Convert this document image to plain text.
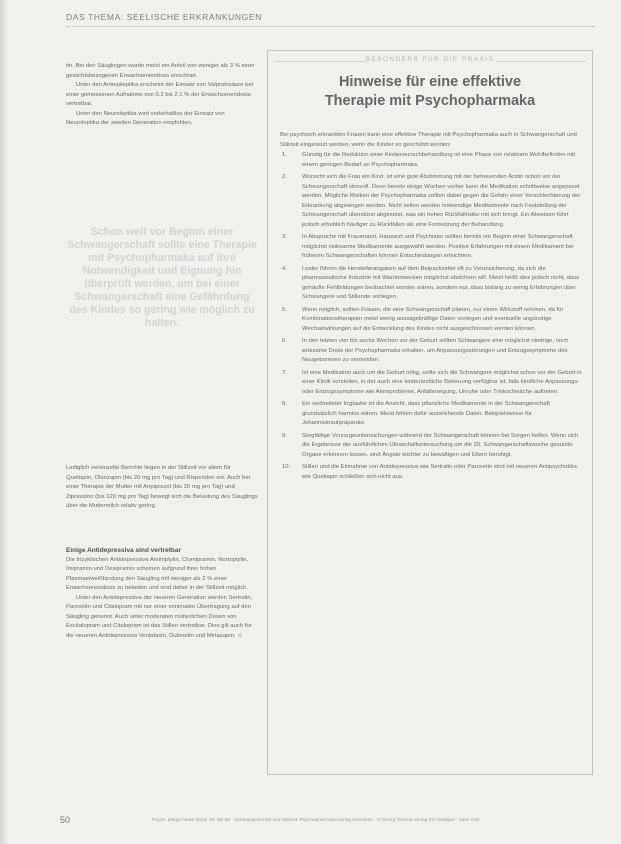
DAS THEMA: SEELISCHE ERKRANKUNGEN

tin. Bei den Säuglingen wurde meist ein Anteil von weniger als 3 % einer gewichtsbezogenen Erwachsenendosis errechnet.

Unter den Antiepileptika erscheint der Einsatz von Valproinsäure bei einer gemessenen Aufnahme von 0,2 bis 2,1 % der Erwachsenendosis vertretbar.

Unter den Neuroleptika wird vorbehaltlos der Einsatz von Neuroleptika der zweiten Generation empfohlen.

Schon weit vor Beginn einer Schwangerschaft sollte eine Therapie mit Psychopharmaka auf ihre Notwendigkeit und Eignung hin überprüft werden, um bei einer Schwangerschaft eine Gefährdung des Kindes so gering wie möglich zu halten.

Lediglich vereinzelte Berichte liegen in der Stillzeit vor allem für Quetiapin, Olanzapin (bis 20 mg pro Tag) und Risperidon vor. Auch bei einer Therapie der Mutter mit Aripiprazol (bis 20 mg pro Tag) und Ziprasidon (bis 120 mg pro Tag) bewegt sich die Belastung des Säuglings über die Muttermilch relativ gering.

Einige Antidepressiva sind vertretbar

Die trizyklischen Antidepressiva Amitriptylin, Clomipramin, Nortriptylin, Imipramin und Desipramin scheinen aufgrund ihrer hohen Plasmaeiweißbindung den Säugling mit weniger als 2 % einer Erwachsenendosis zu belasten und sind daher in der Stillzeit möglich.

Unter den Antidepressiva der neueren Generation werden Sertralin, Paroxetin und Citalopram mit nur einer minimalen Übertragung auf den Säugling genannt. Auch unter moderaten mütterlichen Dosen von Escitalopram und Citalopram ist das Stillen vertretbar. Dies gilt auch für die neueren Antidepressiva Venlafaxin, Duloxetin und Mirtazapin. ☺

BESONDERS FÜR DIE PRAXIS
Hinweise für eine effektive
Therapie mit Psychopharmaka

Bei psychisch erkrankten Frauen kann eine effektive Therapie mit Psychopharmaka auch in Schwangerschaft und Stillzeit eingesetzt werden, wenn die Kinder so geschützt werden:

1.	Günstig für die Reduktion einer Kinderwunschbehandlung ist eine Phase von relativem Wohlbefinden mit einem geringen Bedarf an Psychopharmaka.
2.	Wünscht sich die Frau ein Kind, ist eine gute Abstimmung mit der betreuenden Ärztin schon vor der Schwangerschaft sinnvoll. Denn bereits einige Wochen vorher kann die Medikation schrittweise angepasst werden. Mögliche Risiken der Psychopharmaka sollten dabei gegen die Gefahr einer Verschlechterung der Erkrankung abgewogen werden. Nicht selten werden notwendige Medikamente nach Feststellung der Schwangerschaft überstürzt abgesetzt, was ein hohes Rückfallrisiko mit sich bringt. Ein Absetzen führt jedoch erheblich häufiger zu Rückfällen als eine Fortsetzung der Behandlung.
3.	In Absprache mit Frauenarzt, Hausarzt und Psychiater sollten bereits vor Beginn einer Schwangerschaft möglichst risikoarme Medikamente ausgewählt werden. Positive Erfahrungen mit einem Medikament bei früheren Schwangerschaften können Entscheidungen erleichtern.
4.	Leider führen die Herstellerangaben auf dem Beipackzettel oft zu Verunsicherung, da sich die pharmazeutische Industrie mit Warnhinweisen möglichst absichern will. Meist heißt dies jedoch nicht, dass gehäufte Fehlbildungen beobachtet worden wären, sondern nur, dass bislang zu wenig Erfahrungen über Schwangere und Stillende vorliegen.
5.	Wenn möglich, sollten Frauen, die eine Schwangerschaft planen, nur einen Wirkstoff nehmen, da für Kombinationstherapien meist wenig aussagekräftige Daten vorliegen und eventuelle ungünstige Wechselwirkungen auf die Entwicklung des Kindes nicht ausgeschlossen werden können.
6.	In den letzten vier bis sechs Wochen vor der Geburt sollten Schwangere eine möglichst niedrige, noch wirksame Dosis der Psychopharmaka erhalten, um Anpassungsstörungen und Entzugssymptome des Neugeborenen zu vermeiden.
7.	Ist eine Medikation auch um die Geburt nötig, sollte sich die Schwangere möglichst schon vor der Geburt in einer Klinik vorstellen, in der auch eine kinderärztliche Betreuung verfügbar ist, falls kindliche Anpassungs- oder Entzugssymptome wie Atemprobleme, Anfallsneigung, Unruhe oder Trinkschwäche auftreten.
8.	Ein verbreiteter Irrglaube ist die Ansicht, dass pflanzliche Medikamente in der Schwangerschaft grundsätzlich harmlos wären. Meist fehlen dafür ausreichende Daten. Beispielsweise für Johanniskrautpräparate.
9.	Sorgfältige Vorsorgeuntersuchungen während der Schwangerschaft können bei Sorgen helfen. Wenn sich die Ergebnisse der ausführlichen Ultraschalluntersuchung um die 20. Schwangerschaftswoche gesunde Organe erkennen lassen, sind Ängste leichter zu bewältigen und Eltern beruhigt.
10. Stillen und die Einnahme von Antidepressiva wie Sertralin oder Paroxetin sind mit neueren Antipsychotika wie Quetiapin schließen sich nicht aus.
50	Psych. pflege heute 2014; 20: 48–50 · Schwangerschaft und Stillzeit: Psychopharmaka richtig einsetzen · © Georg Thieme Verlag KG Stuttgart · New York
